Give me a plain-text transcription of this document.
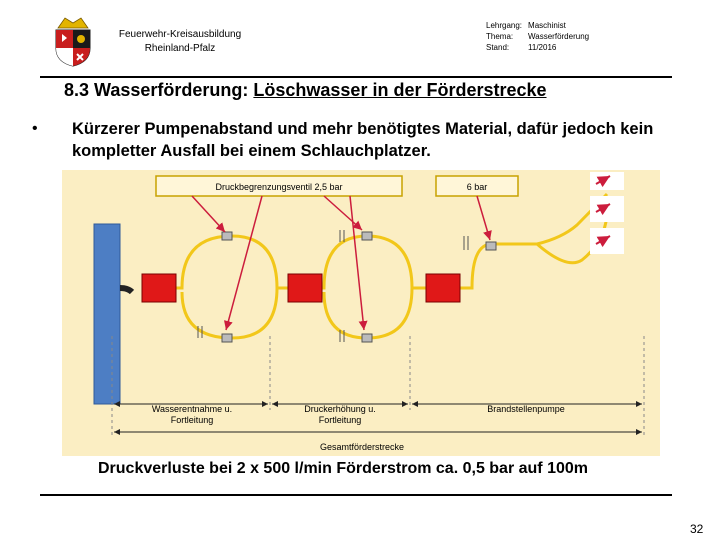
Feuerwehr-Kreisausbildung
Rheinland-Pfalz
Lehrgang:	Maschinist
Thema:	Wasserförderung
Stand:	11/2016
8.3 Wasserförderung: Löschwasser in der Förderstrecke
• Kürzerer Pumpenabstand und mehr benötigtes Material, dafür jedoch kein kompletter Ausfall bei einem Schlauchplatzer.
Druckbegrenzungsventil 2,5 bar	6 bar
Wasserentnahme u.
Fortleitung
Druckerhöhung u.
Fortleitung
Brandstellenpumpe
Gesamtförderstrecke
Druckverluste bei 2 x 500 l/min Förderstrom ca. 0,5 bar auf 100m
32
